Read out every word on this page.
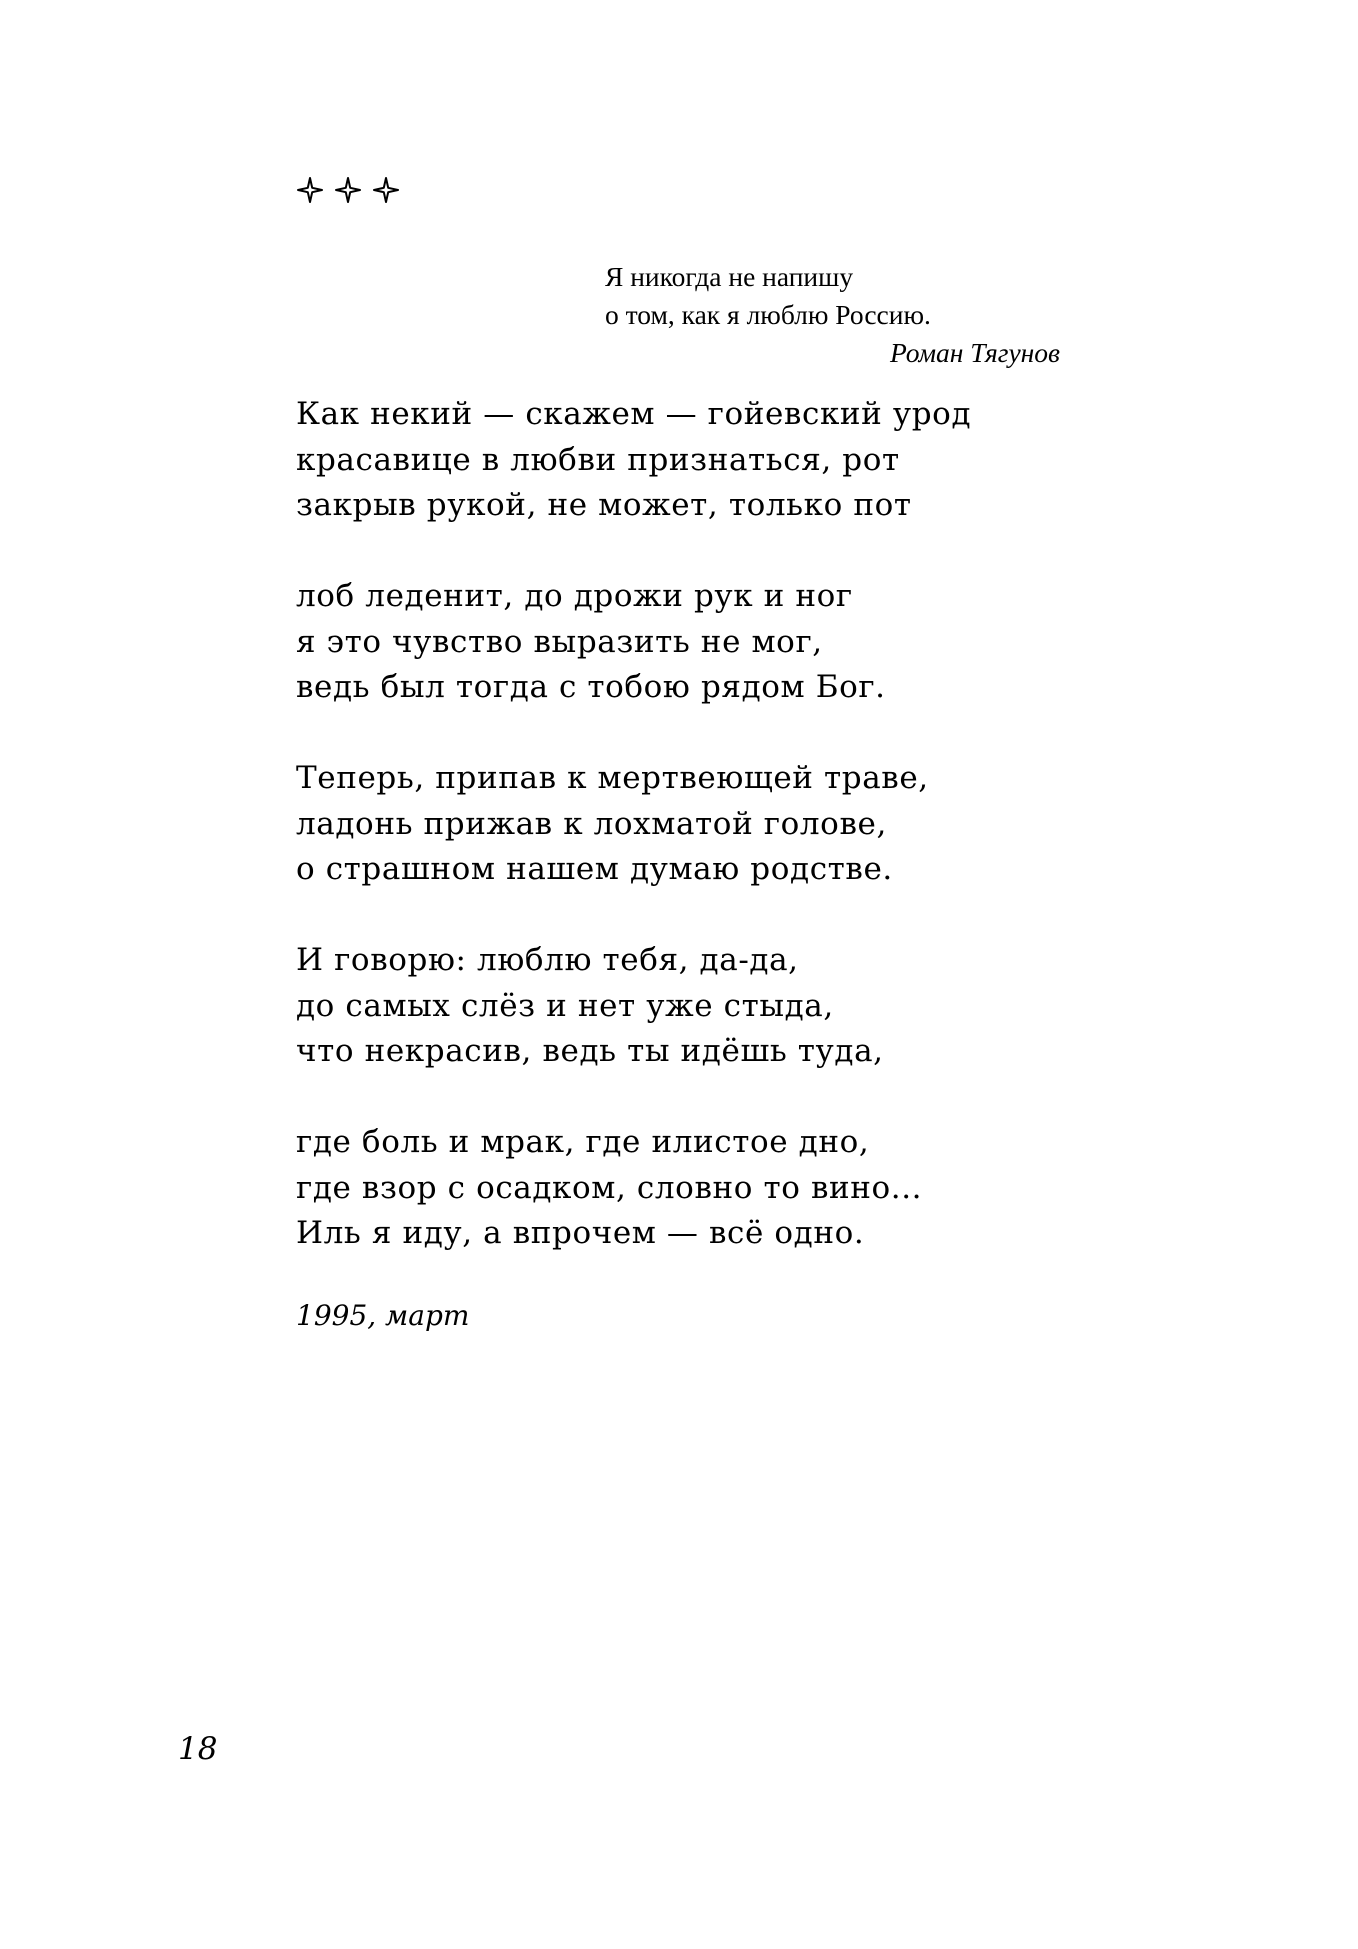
Я никогда не напишу
о том, как я люблю Россию.
Роман Тягунов
Как некий — скажем — гойевский урод
красавице в любви признаться, рот
закрыв рукой, не может, только пот
лоб леденит, до дрожи рук и ног
я это чувство выразить не мог,
ведь был тогда с тобою рядом Бог.
Теперь, припав к мертвеющей траве,
ладонь прижав к лохматой голове,
о страшном нашем думаю родстве.
И говорю: люблю тебя, да-да,
до самых слёз и нет уже стыда,
что некрасив, ведь ты идёшь туда,
где боль и мрак, где илистое дно,
где взор с осадком, словно то вино...
Иль я иду, а впрочем — всё одно.
1995, март
18
